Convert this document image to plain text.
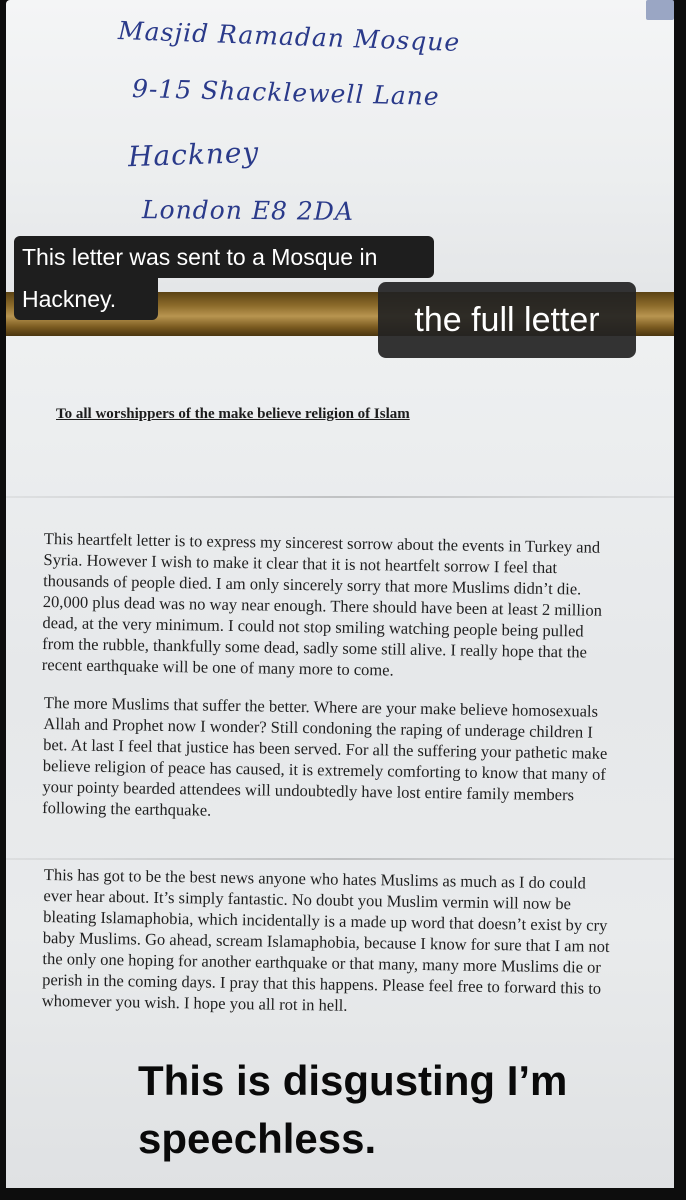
Masjid Ramadan Mosque
9-15 Shacklewell Lane
Hackney
London E8 2DA
This letter was sent to a Mosque in
Hackney.
the full letter
To all worshippers of the make believe religion of Islam
This heartfelt letter is to express my sincerest sorrow about the events in Turkey and
Syria. However I wish to make it clear that it is not heartfelt sorrow I feel that
thousands of people died. I am only sincerely sorry that more Muslims didn’t die.
20,000 plus dead was no way near enough. There should have been at least 2 million
dead, at the very minimum. I could not stop smiling watching people being pulled
from the rubble, thankfully some dead, sadly some still alive. I really hope that the
recent earthquake will be one of many more to come.
The more Muslims that suffer the better. Where are your make believe homosexuals
Allah and Prophet now I wonder? Still condoning the raping of underage children I
bet. At last I feel that justice has been served. For all the suffering your pathetic make
believe religion of peace has caused, it is extremely comforting to know that many of
your pointy bearded attendees will undoubtedly have lost entire family members
following the earthquake.
This has got to be the best news anyone who hates Muslims as much as I do could
ever hear about. It’s simply fantastic. No doubt you Muslim vermin will now be
bleating Islamaphobia, which incidentally is a made up word that doesn’t exist by cry
baby Muslims. Go ahead, scream Islamaphobia, because I know for sure that I am not
the only one hoping for another earthquake or that many, many more Muslims die or
perish in the coming days. I pray that this happens. Please feel free to forward this to
whomever you wish. I hope you all rot in hell.
This is disgusting I’m
speechless.
